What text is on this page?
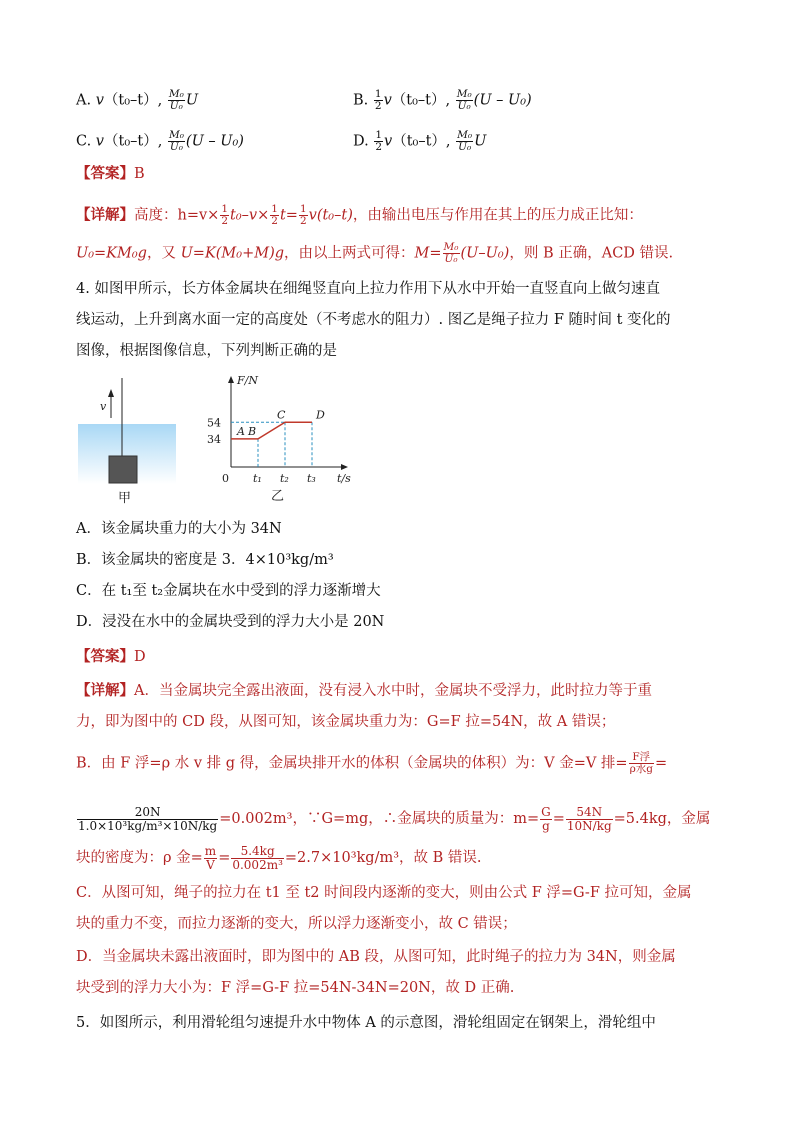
A. v（t₀–t）, $\frac{\text{M₀}}{\text{U₀}}$ U	B. $\frac{1}{2} v(t_0-t)$, $\frac{\text{M₀}}{\text{U₀}} (U - U_0)$
C. v（t₀–t）, $\frac{\text{M₀}}{\text{U₀}} (U - U_0)$	D. $\frac{1}{2} v(t_0-t)$, $\frac{\text{M₀}}{\text{U₀}}$ U
【答案】B
【详解】高度：$h=v\times \frac{1}{2} t_0-v\times \frac{1}{2} t= \frac{1}{2} v(t_0-t)$，由输出电压与作用在其上的压力成正比知：
U₀=KM₀g，又 U=K(M₀+M)g，由以上两式可得：$M= \frac{\text{M₀}}{\text{U₀}} (U-U_0)$，则 B 正确，ACD 错误.
4. 如图甲所示，长方体金属块在细绳竖直向上拉力作用下从水中开始一直竖直向上做匀速直
线运动，上升到离水面一定的高度处（不考虑水的阻力）. 图乙是绳子拉力 F 随时间 t 变化的
图像，根据图像信息，下列判断正确的是
v
甲
F/N
t/s
0
54
34
t₁ t₂ t₃
A B
C	D
乙
A．该金属块重力的大小为 34N
B．该金属块的密度是 3．4×10³kg/m³
C．在 t₁至 t₂金属块在水中受到的浮力逐渐增大
D．浸没在水中的金属块受到的浮力大小是 20N
【答案】D
【详解】A．当金属块完全露出液面，没有浸入水中时，金属块不受浮力，此时拉力等于重
力，即为图中的 CD 段，从图可知，该金属块重力为：G=F 拉=54N，故 A 错误；
B．由 F 浮=ρ 水 v 排 g 得，金属块排开水的体积（金属块的体积）为：V 金=V 排= $\frac{\text{F浮}}{\text{ρ水g}}$ =
$\frac{20N}{\text{1.0×10³kg/m³×10N/kg}} =0.002m^3$，∵G=mg，∴金属块的质量为：$m= \frac{G}{g} = \frac{54N}{10N/kg} =5.4kg$，金属
块的密度为：ρ 金= $\frac{m}{V} = \frac{5.4kg}{\text{0.002m³}} =2.7\times 10^3kg/m^3$，故 B 错误.
C．从图可知，绳子的拉力在 t1 至 t2 时间段内逐渐的变大，则由公式 F 浮=G-F 拉可知，金属
块的重力不变，而拉力逐渐的变大，所以浮力逐渐变小，故 C 错误；
D．当金属块未露出液面时，即为图中的 AB 段，从图可知，此时绳子的拉力为 34N，则金属
块受到的浮力大小为：F 浮=G-F 拉=54N-34N=20N，故 D 正确.
5．如图所示，利用滑轮组匀速提升水中物体 A 的示意图，滑轮组固定在钢架上，滑轮组中
